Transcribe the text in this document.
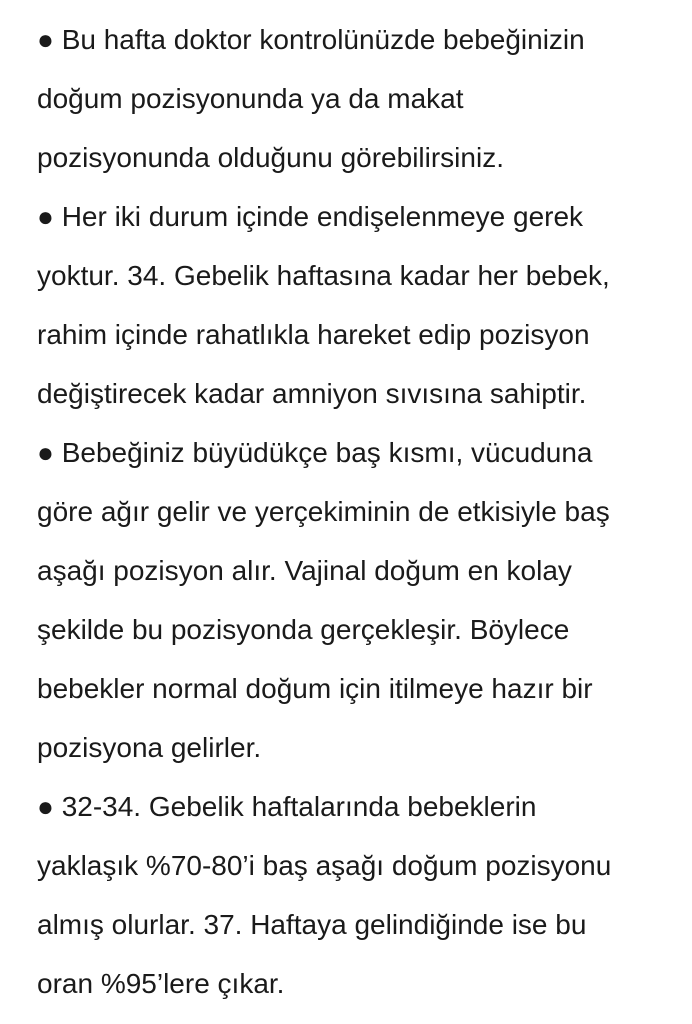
● Bu hafta doktor kontrolünüzde bebeğinizin
doğum pozisyonunda ya da makat
pozisyonunda olduğunu görebilirsiniz.
● Her iki durum içinde endişelenmeye gerek
yoktur. 34. Gebelik haftasına kadar her bebek,
rahim içinde rahatlıkla hareket edip pozisyon
değiştirecek kadar amniyon sıvısına sahiptir.
● Bebeğiniz büyüdükçe baş kısmı, vücuduna
göre ağır gelir ve yerçekiminin de etkisiyle baş
aşağı pozisyon alır. Vajinal doğum en kolay
şekilde bu pozisyonda gerçekleşir. Böylece
bebekler normal doğum için itilmeye hazır bir
pozisyona gelirler.
● 32-34. Gebelik haftalarında bebeklerin
yaklaşık %70-80’i baş aşağı doğum pozisyonu
almış olurlar. 37. Haftaya gelindiğinde ise bu
oran %95’lere çıkar.
